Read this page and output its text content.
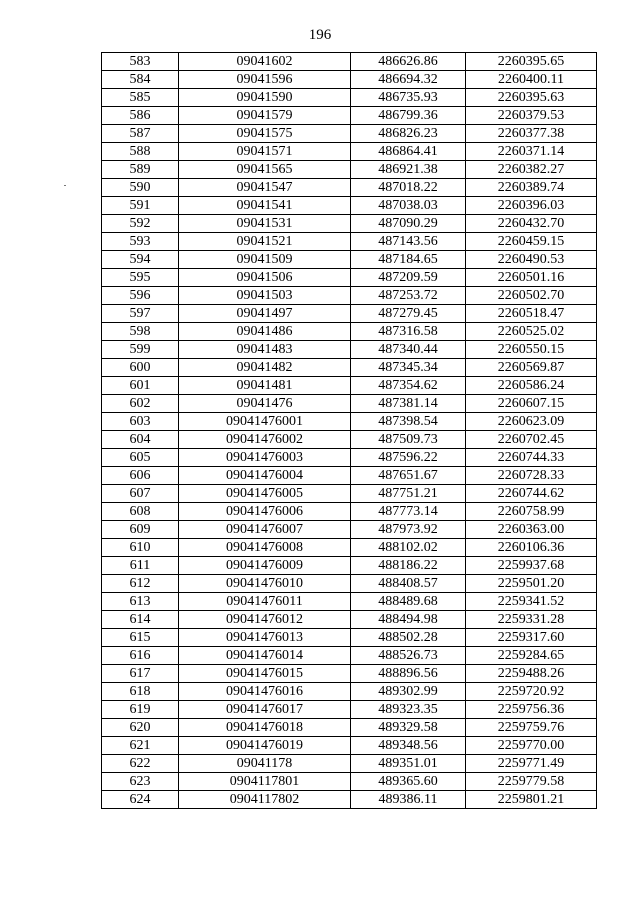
196
583	09041602	486626.86	2260395.65
584	09041596	486694.32	2260400.11
585	09041590	486735.93	2260395.63
586	09041579	486799.36	2260379.53
587	09041575	486826.23	2260377.38
588	09041571	486864.41	2260371.14
589	09041565	486921.38	2260382.27
590	09041547	487018.22	2260389.74
591	09041541	487038.03	2260396.03
592	09041531	487090.29	2260432.70
593	09041521	487143.56	2260459.15
594	09041509	487184.65	2260490.53
595	09041506	487209.59	2260501.16
596	09041503	487253.72	2260502.70
597	09041497	487279.45	2260518.47
598	09041486	487316.58	2260525.02
599	09041483	487340.44	2260550.15
600	09041482	487345.34	2260569.87
601	09041481	487354.62	2260586.24
602	09041476	487381.14	2260607.15
603	09041476001	487398.54	2260623.09
604	09041476002	487509.73	2260702.45
605	09041476003	487596.22	2260744.33
606	09041476004	487651.67	2260728.33
607	09041476005	487751.21	2260744.62
608	09041476006	487773.14	2260758.99
609	09041476007	487973.92	2260363.00
610	09041476008	488102.02	2260106.36
611	09041476009	488186.22	2259937.68
612	09041476010	488408.57	2259501.20
613	09041476011	488489.68	2259341.52
614	09041476012	488494.98	2259331.28
615	09041476013	488502.28	2259317.60
616	09041476014	488526.73	2259284.65
617	09041476015	488896.56	2259488.26
618	09041476016	489302.99	2259720.92
619	09041476017	489323.35	2259756.36
620	09041476018	489329.58	2259759.76
621	09041476019	489348.56	2259770.00
622	09041178	489351.01	2259771.49
623	0904117801	489365.60	2259779.58
624	0904117802	489386.11	2259801.21
